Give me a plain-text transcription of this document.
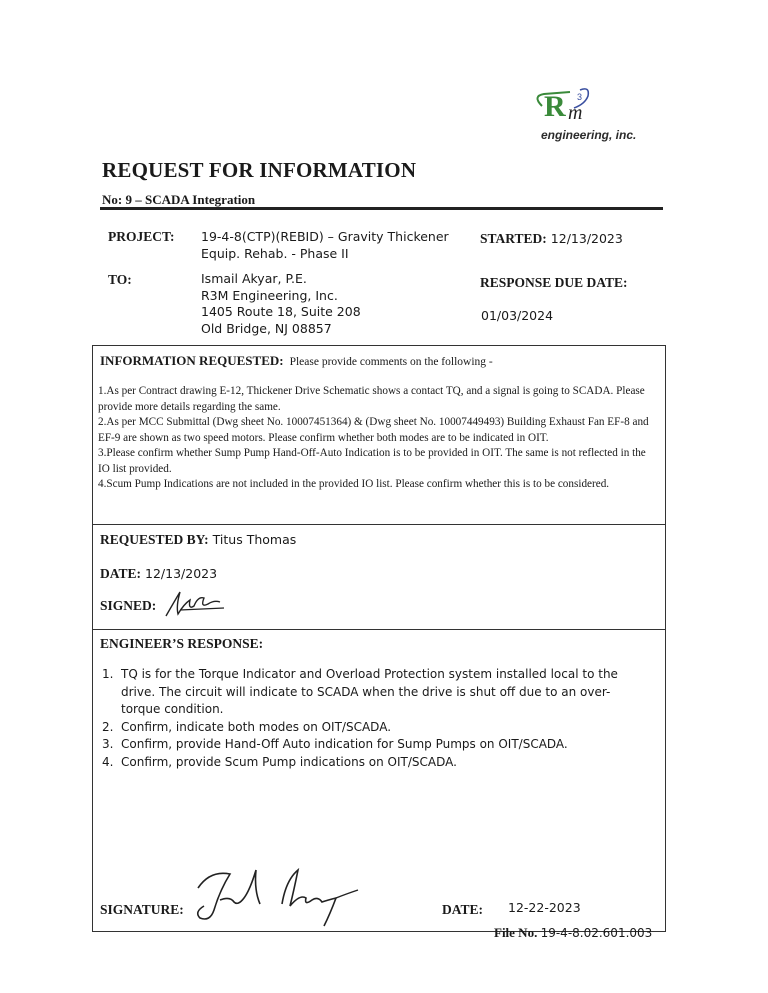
R 3
m
engineering, inc.
REQUEST FOR INFORMATION
No: 9 – SCADA Integration
PROJECT: 19-4-8(CTP)(REBID) – Gravity Thickener
Equip. Rehab. - Phase II
STARTED: 12/13/2023
TO:	Ismail Akyar, P.E.
R3M Engineering, Inc.
1405 Route 18, Suite 208
Old Bridge, NJ 08857
RESPONSE DUE DATE:
01/03/2024
INFORMATION REQUESTED: Please provide comments on the following -
1.As per Contract drawing E-12, Thickener Drive Schematic shows a contact TQ, and a signal is going to SCADA. Please provide more details regarding the same.
2.As per MCC Submittal (Dwg sheet No. 10007451364) & (Dwg sheet No. 10007449493) Building Exhaust Fan EF-8 and EF-9 are shown as two speed motors. Please confirm whether both modes are to be indicated in OIT.
3.Please confirm whether Sump Pump Hand-Off-Auto Indication is to be provided in OIT. The same is not reflected in the IO list provided.
4.Scum Pump Indications are not included in the provided IO list. Please confirm whether this is to be considered.
REQUESTED BY: Titus Thomas
DATE: 12/13/2023
SIGNED:
ENGINEER’S RESPONSE:
1. TQ is for the Torque Indicator and Overload Protection system installed local to the drive. The circuit will indicate to SCADA when the drive is shut off due to an over-torque condition.
2. Confirm, indicate both modes on OIT/SCADA.
3. Confirm, provide Hand-Off Auto indication for Sump Pumps on OIT/SCADA.
4. Confirm, provide Scum Pump indications on OIT/SCADA.
SIGNATURE:	DATE: 12-22-2023
File No. 19-4-8.02.601.003
